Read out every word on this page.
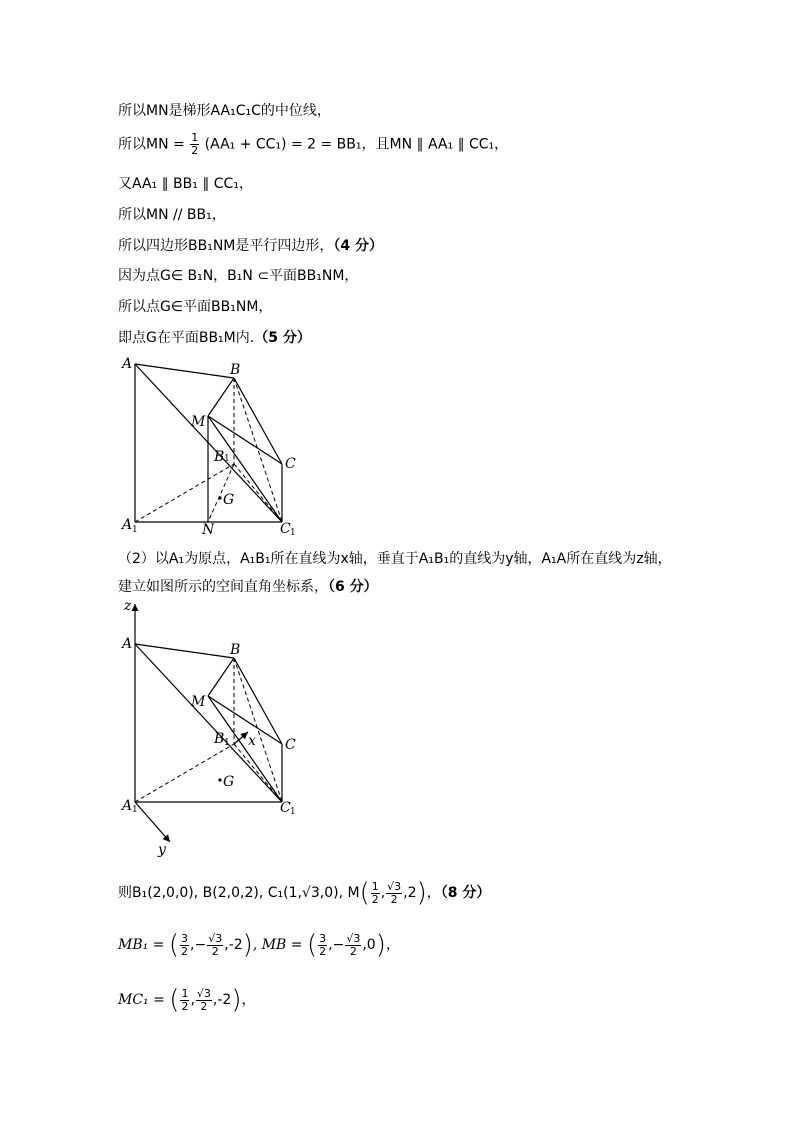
所以MN是梯形AA₁C₁C的中位线，
所以MN = $\frac{1}{2} (AA_1 + CC_1) = 2 = BB_1$，且MN ∥ AA₁ ∥ CC₁，
又AA₁ ∥ BB₁ ∥ CC₁，
所以MN // BB₁，
所以四边形BB₁NM是平行四边形，（4 分）
因为点G∈ B₁N，B₁N ⊂平面BB₁NM，
所以点G∈平面BB₁NM，
即点G在平面BB₁M内.（5 分）
A	B
M
C
B 1
G
A 1	N	C 1
（2）以A₁为原点，A₁B₁所在直线为x轴，垂直于A₁B₁的直线为y轴，A₁A所在直线为z轴，
建立如图所示的空间直角坐标系，（6 分）
z
A	B
M
C
B 1 x
G
A 1	C 1
y
则B₁(2,0,0), B(2,0,2), C₁(1,√3,0), $M( \frac{1}{2}$ , $\frac{√3}{2} ,2$)，（8 分）
MB₁ = ( $\frac{3}{2}$ ,− $\frac{√3}{2} ,-2$), MB = ( $\frac{3}{2}$ ,− $\frac{√3}{2} ,0$)，
MC₁ = ( $\frac{1}{2}$ , $\frac{√3}{2} ,-2$)，
